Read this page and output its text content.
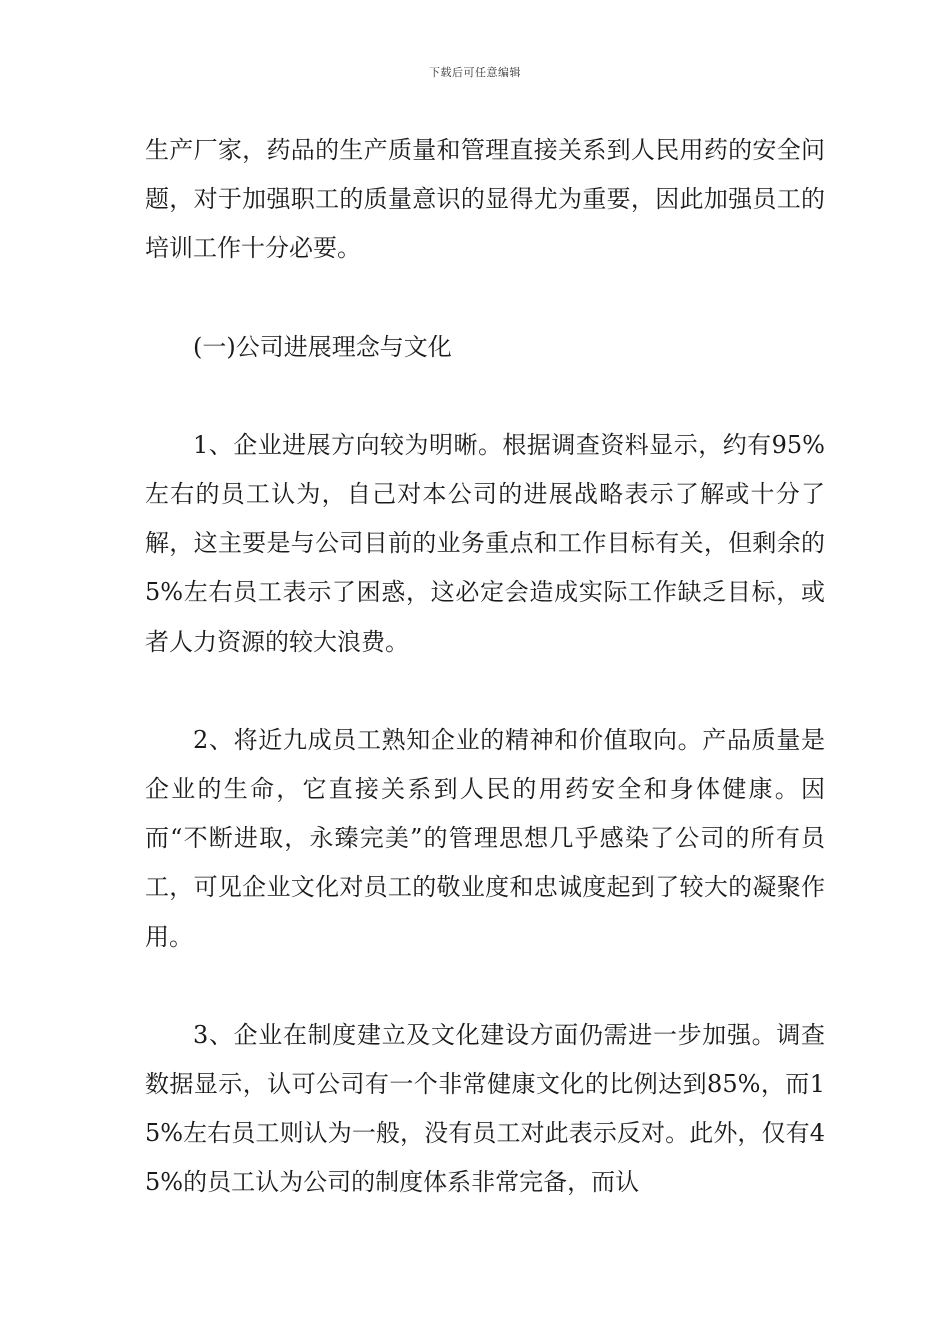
下载后可任意编辑

生产厂家，药品的生产质量和管理直接关系到人民用药的安全问题，对于加强职工的质量意识的显得尤为重要，因此加强员工的培训工作十分必要。

(一)公司进展理念与文化

1、企业进展方向较为明晰。根据调查资料显示，约有95%左右的员工认为，自己对本公司的进展战略表示了解或十分了解，这主要是与公司目前的业务重点和工作目标有关，但剩余的5%左右员工表示了困惑，这必定会造成实际工作缺乏目标，或者人力资源的较大浪费。

2、将近九成员工熟知企业的精神和价值取向。产品质量是企业的生命，它直接关系到人民的用药安全和身体健康。因而“不断进取，永臻完美”的管理思想几乎感染了公司的所有员工，可见企业文化对员工的敬业度和忠诚度起到了较大的凝聚作用。

3、企业在制度建立及文化建设方面仍需进一步加强。调查数据显示，认可公司有一个非常健康文化的比例达到85%，而15%左右员工则认为一般，没有员工对此表示反对。此外，仅有45%的员工认为公司的制度体系非常完备，而认
